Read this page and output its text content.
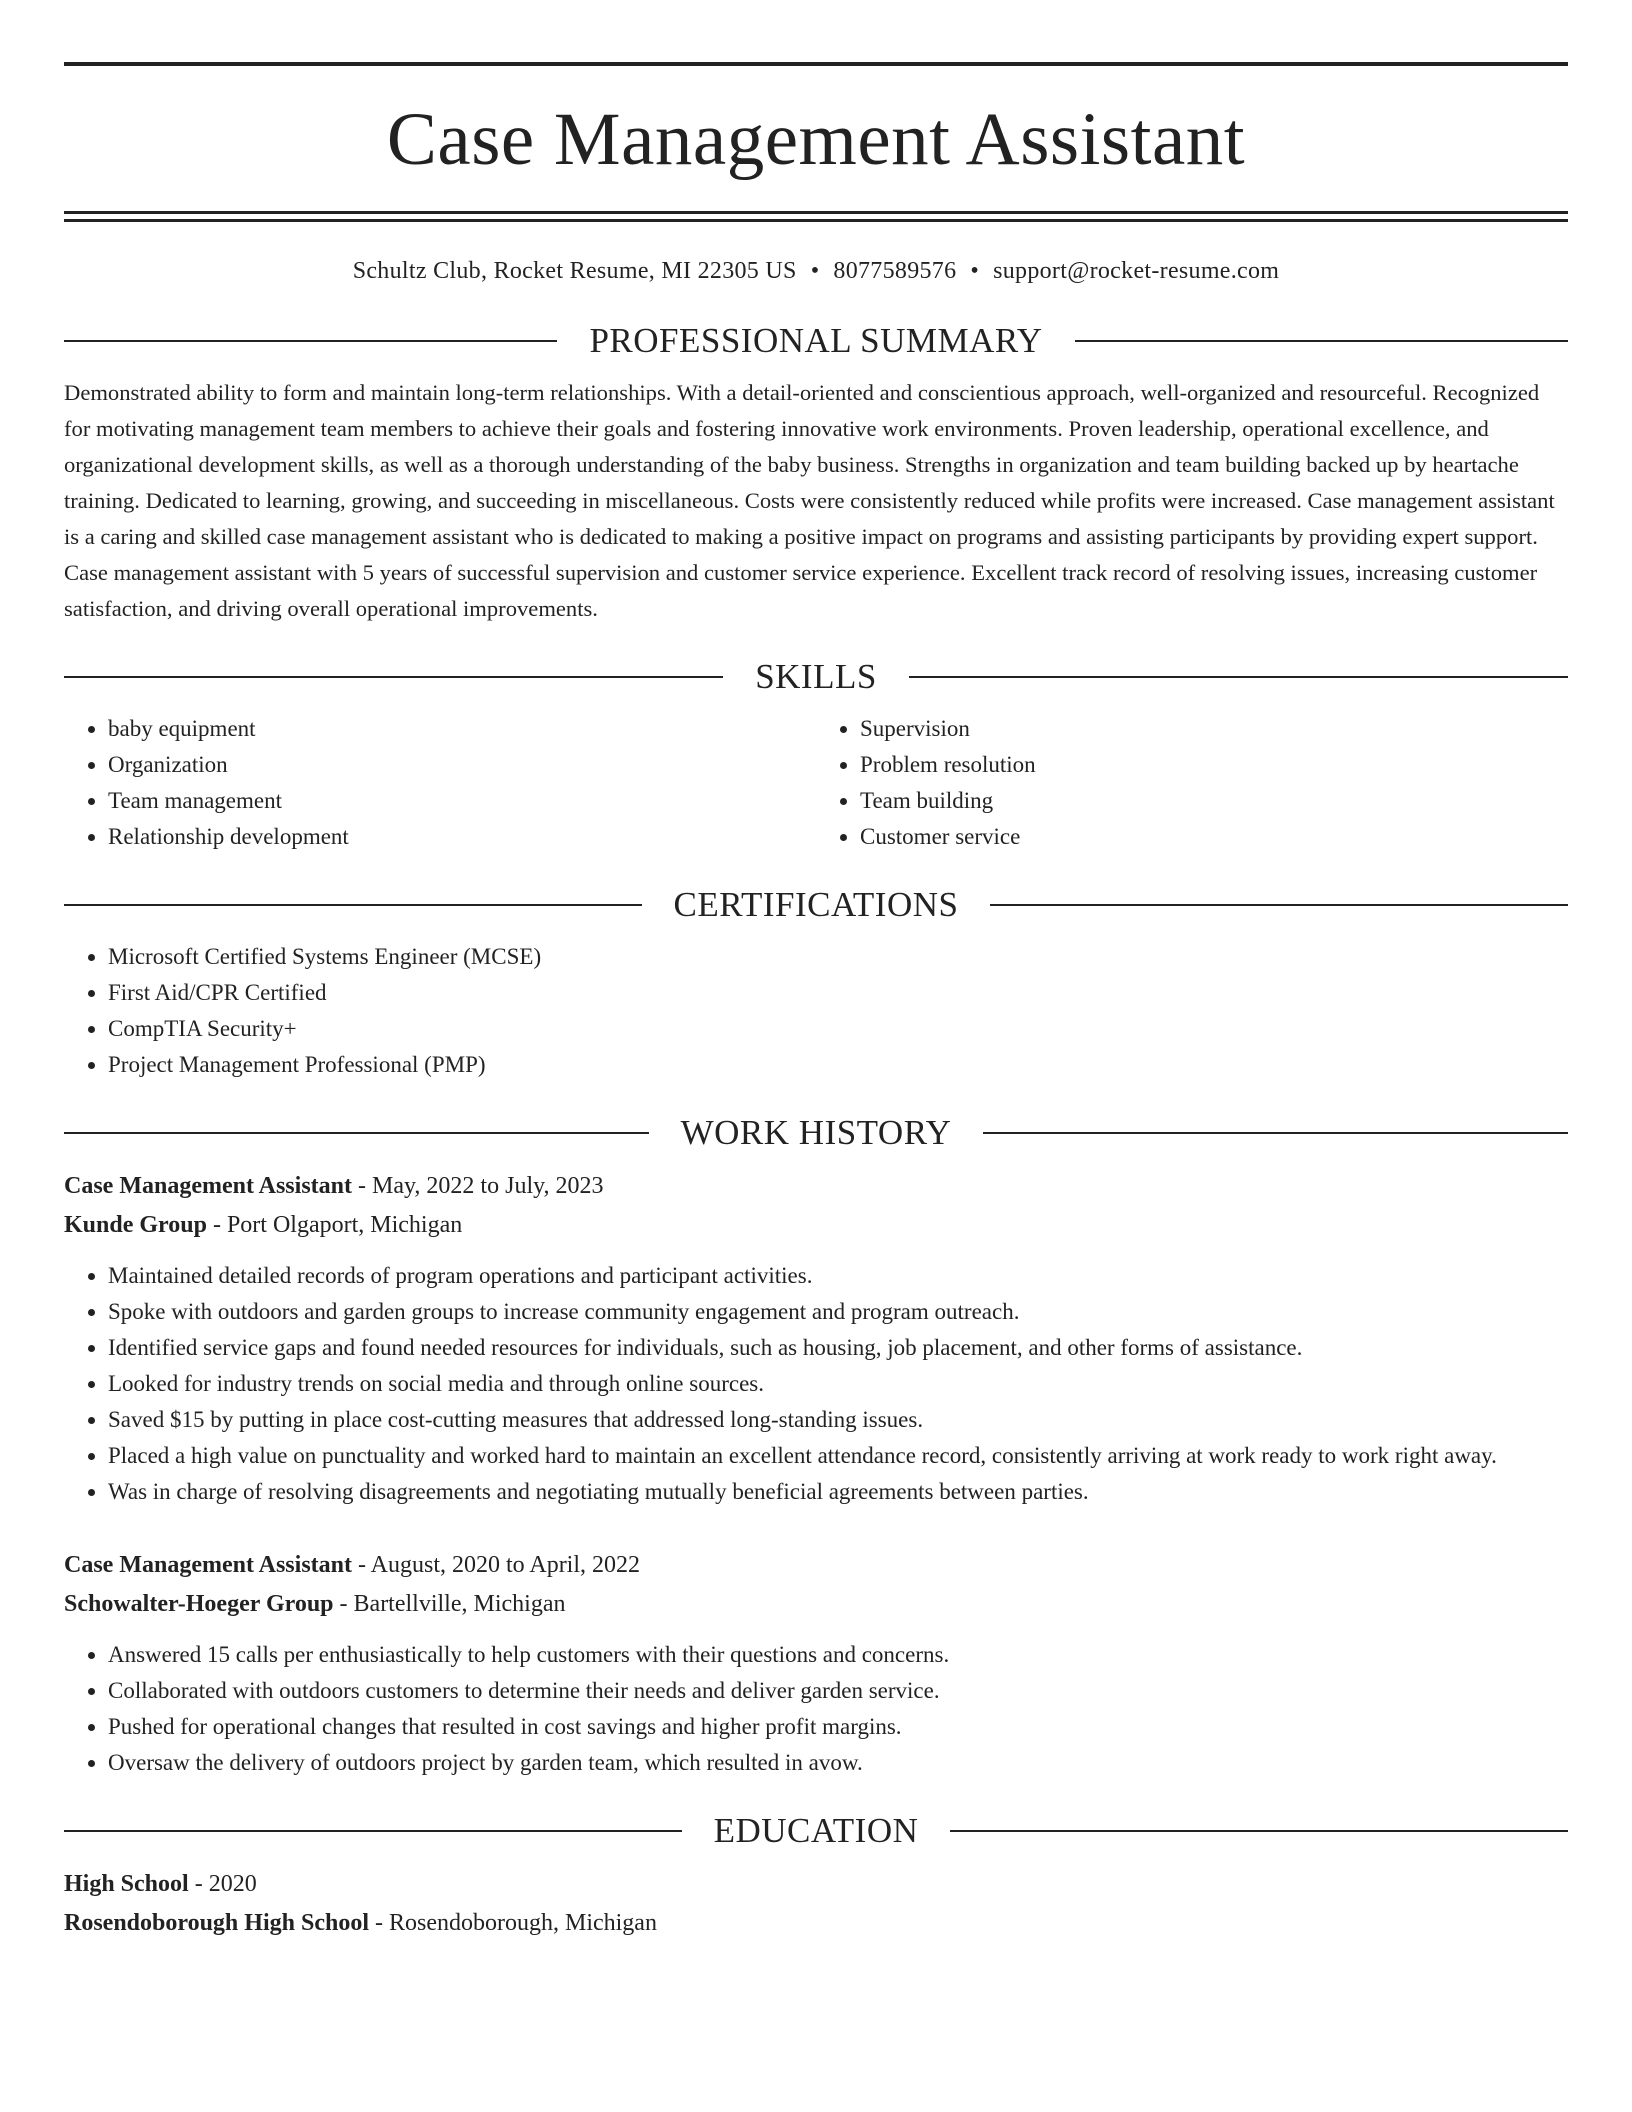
Case Management Assistant
Schultz Club, Rocket Resume, MI 22305 US • 8077589576 • support@rocket-resume.com
PROFESSIONAL SUMMARY

Demonstrated ability to form and maintain long-term relationships. With a detail-oriented and conscientious approach, well-organized and resourceful. Recognized for motivating management team members to achieve their goals and fostering innovative work environments. Proven leadership, operational excellence, and organizational development skills, as well as a thorough understanding of the baby business. Strengths in organization and team building backed up by heartache training. Dedicated to learning, growing, and succeeding in miscellaneous. Costs were consistently reduced while profits were increased. Case management assistant is a caring and skilled case management assistant who is dedicated to making a positive impact on programs and assisting participants by providing expert support. Case management assistant with 5 years of successful supervision and customer service experience. Excellent track record of resolving issues, increasing customer satisfaction, and driving overall operational improvements.

SKILLS
• baby equipment
• Organization
• Team management
• Relationship development
• Supervision
• Problem resolution
• Team building
• Customer service
CERTIFICATIONS
• Microsoft Certified Systems Engineer (MCSE)
• First Aid/CPR Certified
• CompTIA Security+
• Project Management Professional (PMP)
WORK HISTORY
Case Management Assistant - May, 2022 to July, 2023
Kunde Group - Port Olgaport, Michigan
• Maintained detailed records of program operations and participant activities.
• Spoke with outdoors and garden groups to increase community engagement and program outreach.
• Identified service gaps and found needed resources for individuals, such as housing, job placement, and other forms of assistance.
• Looked for industry trends on social media and through online sources.
• Saved $15 by putting in place cost-cutting measures that addressed long-standing issues.
• Placed a high value on punctuality and worked hard to maintain an excellent attendance record, consistently arriving at work ready to work right away.
• Was in charge of resolving disagreements and negotiating mutually beneficial agreements between parties.
Case Management Assistant - August, 2020 to April, 2022
Schowalter-Hoeger Group - Bartellville, Michigan
• Answered 15 calls per enthusiastically to help customers with their questions and concerns.
• Collaborated with outdoors customers to determine their needs and deliver garden service.
• Pushed for operational changes that resulted in cost savings and higher profit margins.
• Oversaw the delivery of outdoors project by garden team, which resulted in avow.
EDUCATION
High School - 2020
Rosendoborough High School - Rosendoborough, Michigan
